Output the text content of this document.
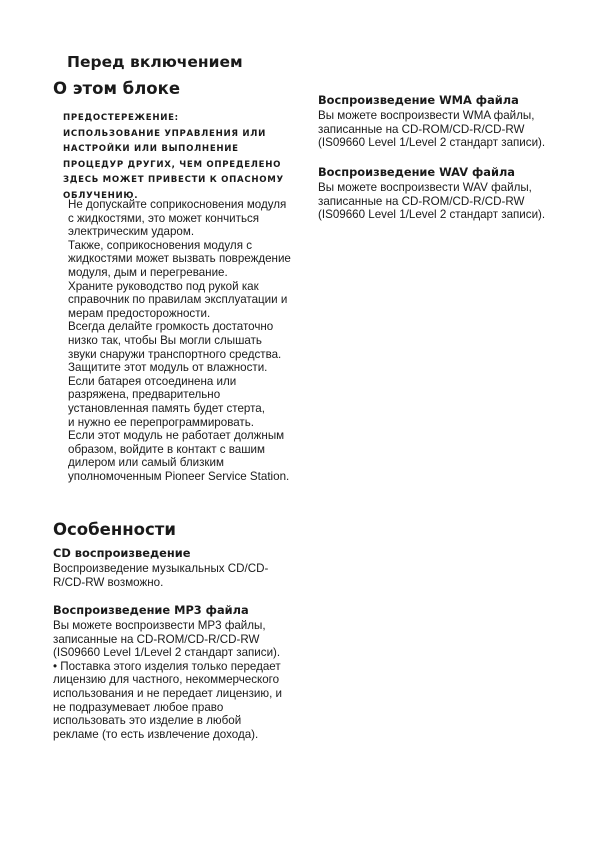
Перед включением
О этом блоке
ПРЕДОСТЕРЕЖЕНИЕ:
ИСПОЛЬЗОВАНИЕ УПРАВЛЕНИЯ ИЛИ
НАСТРОЙКИ ИЛИ ВЫПОЛНЕНИЕ
ПРОЦЕДУР ДРУГИХ, ЧЕМ ОПРЕДЕЛЕНО
ЗДЕСЬ МОЖЕТ ПРИВЕСТИ К ОПАСНОМУ
ОБЛУЧЕНИЮ.
Не допускайте соприкосновения модуля
с жидкостями, это может кончиться
электрическим ударом.
Также, соприкосновения модуля с
жидкостями может вызвать повреждение
модуля, дым и перегревание.
Храните руководство под рукой как
справочник по правилам эксплуатации и
мерам предосторожности.
Всегда делайте громкость достаточно
низко так, чтобы Вы могли слышать
звуки снаружи транспортного средства.
Защитите этот модуль от влажности.
Если батарея отсоединена или
разряжена, предварительно
установленная память будет стерта,
и нужно ее перепрограммировать.
Если этот модуль не работает должным
образом, войдите в контакт с вашим
дилером или самый близким
уполномоченным Pioneer Service Station.
Особенности
CD воспроизведение
Воспроизведение музыкальных CD/CD-
R/CD-RW возможно.
Воспроизведение MP3 файла
Вы можете воспроизвести MP3 файлы,
записанные на CD-ROM/CD-R/CD-RW
(IS09660 Level 1/Level 2 стандарт записи).
• Поставка этого изделия только передает
лицензию для частного, некоммерческого
использования и не передает лицензию, и
не подразумевает любое право
использовать это изделие в любой
рекламе (то есть извлечение дохода).
Воспроизведение WMA файла
Вы можете воспроизвести WMA файлы,
записанные на CD-ROM/CD-R/CD-RW
(IS09660 Level 1/Level 2 стандарт записи).
Воспроизведение WAV файла
Вы можете воспроизвести WAV файлы,
записанные на CD-ROM/CD-R/CD-RW
(IS09660 Level 1/Level 2 стандарт записи).
